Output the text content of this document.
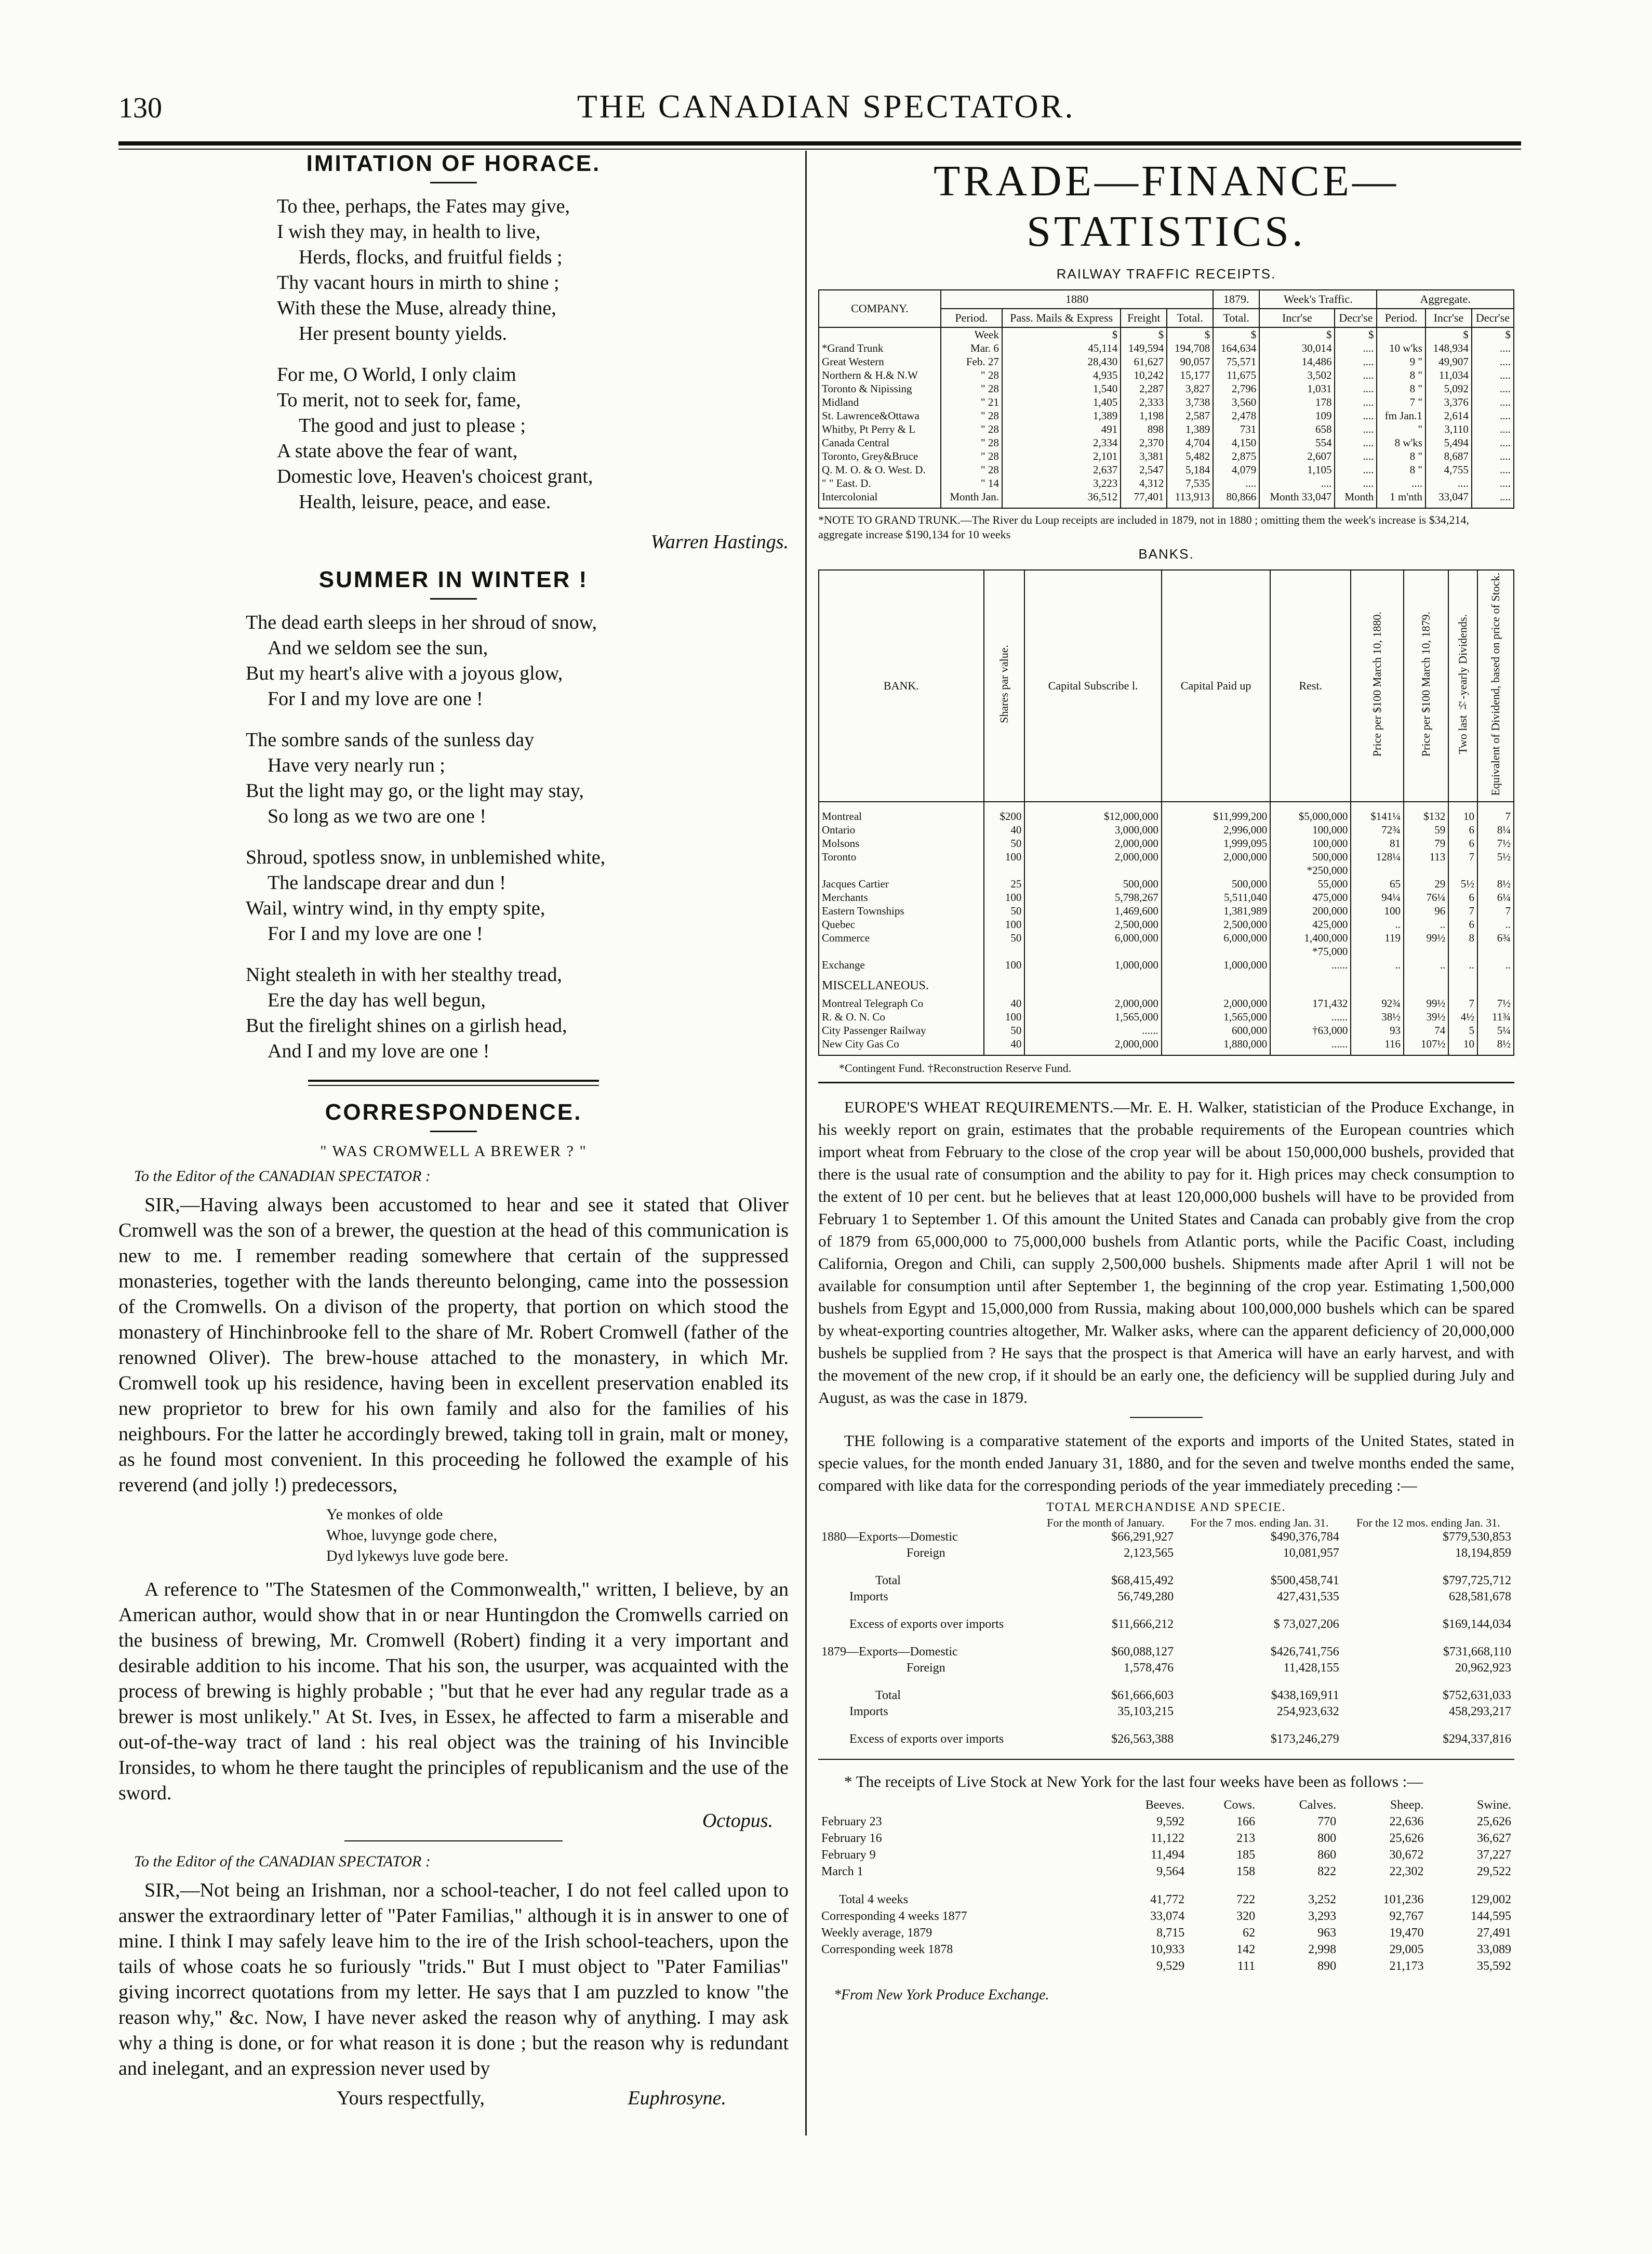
130	THE CANADIAN SPECTATOR.
IMITATION OF HORACE.

To thee, perhaps, the Fates may give,

I wish they may, in health to live,

Herds, flocks, and fruitful fields ;

Thy vacant hours in mirth to shine ;

With these the Muse, already thine,

Her present bounty yields.

For me, O World, I only claim

To merit, not to seek for, fame,

The good and just to please ;

A state above the fear of want,

Domestic love, Heaven's choicest grant,

Health, leisure, peace, and ease.

Warren Hastings.
SUMMER IN WINTER !

The dead earth sleeps in her shroud of snow,

And we seldom see the sun,

But my heart's alive with a joyous glow,

For I and my love are one !

The sombre sands of the sunless day

Have very nearly run ;

But the light may go, or the light may stay,

So long as we two are one !

Shroud, spotless snow, in unblemished white,

The landscape drear and dun !

Wail, wintry wind, in thy empty spite,

For I and my love are one !

Night stealeth in with her stealthy tread,

Ere the day has well begun,

But the firelight shines on a girlish head,

And I and my love are one !

CORRESPONDENCE.
" WAS CROMWELL A BREWER ? "
To the Editor of the CANADIAN SPECTATOR :

SIR,—Having always been accustomed to hear and see it stated that Oliver Cromwell was the son of a brewer, the question at the head of this communication is new to me. I remember reading somewhere that certain of the suppressed monasteries, together with the lands thereunto belonging, came into the possession of the Cromwells. On a divison of the property, that portion on which stood the monastery of Hinchinbrooke fell to the share of Mr. Robert Cromwell (father of the renowned Oliver). The brew-house attached to the monastery, in which Mr. Cromwell took up his residence, having been in excellent preservation enabled its new proprietor to brew for his own family and also for the families of his neighbours. For the latter he accordingly brewed, taking toll in grain, malt or money, as he found most convenient. In this proceeding he followed the example of his reverend (and jolly !) predecessors,

Ye monkes of olde
Whoe, luvynge gode chere,
Dyd lykewys luve gode bere.

A reference to "The Statesmen of the Commonwealth," written, I believe, by an American author, would show that in or near Huntingdon the Cromwells carried on the business of brewing, Mr. Cromwell (Robert) finding it a very important and desirable addition to his income. That his son, the usurper, was acquainted with the process of brewing is highly probable ; "but that he ever had any regular trade as a brewer is most unlikely." At St. Ives, in Essex, he affected to farm a miserable and out-of-the-way tract of land : his real object was the training of his Invincible Ironsides, to whom he there taught the principles of republicanism and the use of the sword.

Octopus.
To the Editor of the CANADIAN SPECTATOR :

SIR,—Not being an Irishman, nor a school-teacher, I do not feel called upon to answer the extraordinary letter of "Pater Familias," although it is in answer to one of mine. I think I may safely leave him to the ire of the Irish school-teachers, upon the tails of whose coats he so furiously "trids." But I must object to "Pater Familias" giving incorrect quotations from my letter. He says that I am puzzled to know "the reason why," &c. Now, I have never asked the reason why of anything. I may ask why a thing is done, or for what reason it is done ; but the reason why is redundant and inelegant, and an expression never used by

Yours respectfully,	Euphrosyne.
TRADE—FINANCE—STATISTICS.
RAILWAY TRAFFIC RECEIPTS.
COMPANY.	1880				1879.	Week's Traffic.		Aggregate.		
	Period.	Pass. Mails & Express	Freight	Total.	Total.	Incr'se	Decr'se	Period.	Incr'se	Decr'se
	Week	$	$	$	$	$	$		$	$
*Grand Trunk	Mar. 6	45,114	149,594	194,708	164,634	30,014	....	10 w'ks	148,934	....
Great Western	Feb. 27	28,430	61,627	90,057	75,571	14,486	....	9 "	49,907	....
Northern & H.& N.W	" 28	4,935	10,242	15,177	11,675	3,502	....	8 "	11,034	....
Toronto & Nipissing	" 28	1,540	2,287	3,827	2,796	1,031	....	8 "	5,092	....
Midland	" 21	1,405	2,333	3,738	3,560	178	....	7 "	3,376	....
St. Lawrence&Ottawa	" 28	1,389	1,198	2,587	2,478	109	....	fm Jan.1	2,614	....
Whitby, Pt Perry & L	" 28	491	898	1,389	731	658	....	"	3,110	....
Canada Central	" 28	2,334	2,370	4,704	4,150	554	....	8 w'ks	5,494	....
Toronto, Grey&Bruce	" 28	2,101	3,381	5,482	2,875	2,607	....	8 "	8,687	....
Q. M. O. & O. West. D.	" 28	2,637	2,547	5,184	4,079	1,105	....	8 "	4,755	....
" " East. D.	" 14	3,223	4,312	7,535	....	....	....	....	....	....
Intercolonial	Month Jan.	36,512	77,401	113,913	80,866	Month 33,047	Month	1 m'nth	33,047	....
*NOTE TO GRAND TRUNK.—The River du Loup receipts are included in 1879, not in 1880 ; omitting them the week's increase is $34,214, aggregate increase $190,134 for 10 weeks
BANKS.
BANK.	Shares par value.	Capital Subscribe l.	Capital Paid up	Rest.	Price per $100 March 10, 1880.	Price per $100 March 10, 1879.	Two last ½-yearly Dividends.	Equivalent of Dividend, based on price of Stock.

Montreal	$200	$12,000,000	$11,999,200	$5,000,000	$141¼	$132	10	7
Ontario	40	3,000,000	2,996,000	100,000	72¾	59	6	8¼
Molsons	50	2,000,000	1,999,095	100,000	81	79	6	7½
Toronto	100	2,000,000	2,000,000	500,000	128¼	113	7	5½
				*250,000				
Jacques Cartier	25	500,000	500,000	55,000	65	29	5½	8½
Merchants	100	5,798,267	5,511,040	475,000	94¼	76¼	6	6¼
Eastern Townships	50	1,469,600	1,381,989	200,000	100	96	7	7
Quebec	100	2,500,000	2,500,000	425,000	..	..	6	..
Commerce	50	6,000,000	6,000,000	1,400,000	119	99½	8	6¾
				*75,000				
Exchange	100	1,000,000	1,000,000	......	..	..	..	..
MISCELLANEOUS.								
Montreal Telegraph Co	40	2,000,000	2,000,000	171,432	92¾	99½	7	7½
R. & O. N. Co	100	1,565,000	1,565,000	......	38½	39½	4½	11¾
City Passenger Railway	50	......	600,000	†63,000	93	74	5	5¼
New City Gas Co	40	2,000,000	1,880,000	......	116	107½	10	8½
*Contingent Fund. †Reconstruction Reserve Fund.

EUROPE'S WHEAT REQUIREMENTS.—Mr. E. H. Walker, statistician of the Produce Exchange, in his weekly report on grain, estimates that the probable requirements of the European countries which import wheat from February to the close of the crop year will be about 150,000,000 bushels, provided that there is the usual rate of consumption and the ability to pay for it. High prices may check consumption to the extent of 10 per cent. but he believes that at least 120,000,000 bushels will have to be provided from February 1 to September 1. Of this amount the United States and Canada can probably give from the crop of 1879 from 65,000,000 to 75,000,000 bushels from Atlantic ports, while the Pacific Coast, including California, Oregon and Chili, can supply 2,500,000 bushels. Shipments made after April 1 will not be available for consumption until after September 1, the beginning of the crop year. Estimating 1,500,000 bushels from Egypt and 15,000,000 from Russia, making about 100,000,000 bushels which can be spared by wheat-exporting countries altogether, Mr. Walker asks, where can the apparent deficiency of 20,000,000 bushels be supplied from ? He says that the prospect is that America will have an early harvest, and with the movement of the new crop, if it should be an early one, the deficiency will be supplied during July and August, as was the case in 1879.

THE following is a comparative statement of the exports and imports of the United States, stated in specie values, for the month ended January 31, 1880, and for the seven and twelve months ended the same, compared with like data for the corresponding periods of the year immediately preceding :—

TOTAL MERCHANDISE AND SPECIE.
	For the month of January.	For the 7 mos. ending Jan. 31.	For the 12 mos. ending Jan. 31.
1880—Exports—Domestic	$66,291,927	$490,376,784	$779,530,853
Foreign	2,123,565	10,081,957	18,194,859
Total	$68,415,492	$500,458,741	$797,725,712
Imports	56,749,280	427,431,535	628,581,678
Excess of exports over imports	$11,666,212	$ 73,027,206	$169,144,034
1879—Exports—Domestic	$60,088,127	$426,741,756	$731,668,110
Foreign	1,578,476	11,428,155	20,962,923
Total	$61,666,603	$438,169,911	$752,631,033
Imports	35,103,215	254,923,632	458,293,217
Excess of exports over imports	$26,563,388	$173,246,279	$294,337,816

* The receipts of Live Stock at New York for the last four weeks have been as follows :—

	Beeves.	Cows.	Calves.	Sheep.	Swine.
February 23	9,592	166	770	22,636	25,626
February 16	11,122	213	800	25,626	36,627
February 9	11,494	185	860	30,672	37,227
March 1	9,564	158	822	22,302	29,522
Total 4 weeks	41,772	722	3,252	101,236	129,002
Corresponding 4 weeks 1877	33,074	320	3,293	92,767	144,595
Weekly average, 1879	8,715	62	963	19,470	27,491
Corresponding week 1878	10,933	142	2,998	29,005	33,089
	9,529	111	890	21,173	35,592
*From New York Produce Exchange.
